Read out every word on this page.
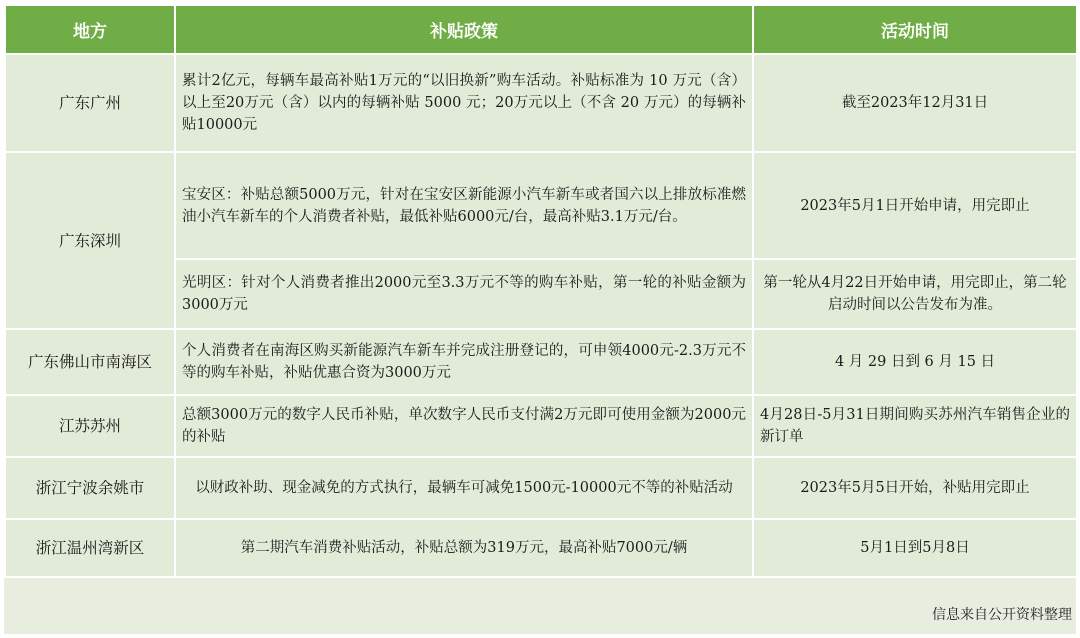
地方	补贴政策	活动时间
广东广州	累计2亿元，每辆车最高补贴1万元的“以旧换新”购车活动。补贴标准为 10 万元（含）以上至20万元（含）以内的每辆补贴 5000 元；20万元以上（不含 20 万元）的每辆补贴10000元	截至2023年12月31日
广东深圳	宝安区：补贴总额5000万元，针对在宝安区新能源小汽车新车或者国六以上排放标准燃油小汽车新车的个人消费者补贴，最低补贴6000元/台，最高补贴3.1万元/台。	2023年5月1日开始申请，用完即止
	光明区：针对个人消费者推出2000元至3.3万元不等的购车补贴，第一轮的补贴金额为3000万元	第一轮从4月22日开始申请，用完即止，第二轮启动时间以公告发布为准。
广东佛山市南海区	个人消费者在南海区购买新能源汽车新车并完成注册登记的，可申领4000元-2.3万元不等的购车补贴，补贴优惠合资为3000万元	4 月 29 日到 6 月 15 日
江苏苏州	总额3000万元的数字人民币补贴，单次数字人民币支付满2万元即可使用金额为2000元的补贴	4月28日-5月31日期间购买苏州汽车销售企业的新订单
浙江宁波余姚市	以财政补助、现金减免的方式执行，最辆车可减免1500元-10000元不等的补贴活动	2023年5月5日开始，补贴用完即止
浙江温州湾新区	第二期汽车消费补贴活动，补贴总额为319万元，最高补贴7000元/辆	5月1日到5月8日
信息来自公开资料整理
